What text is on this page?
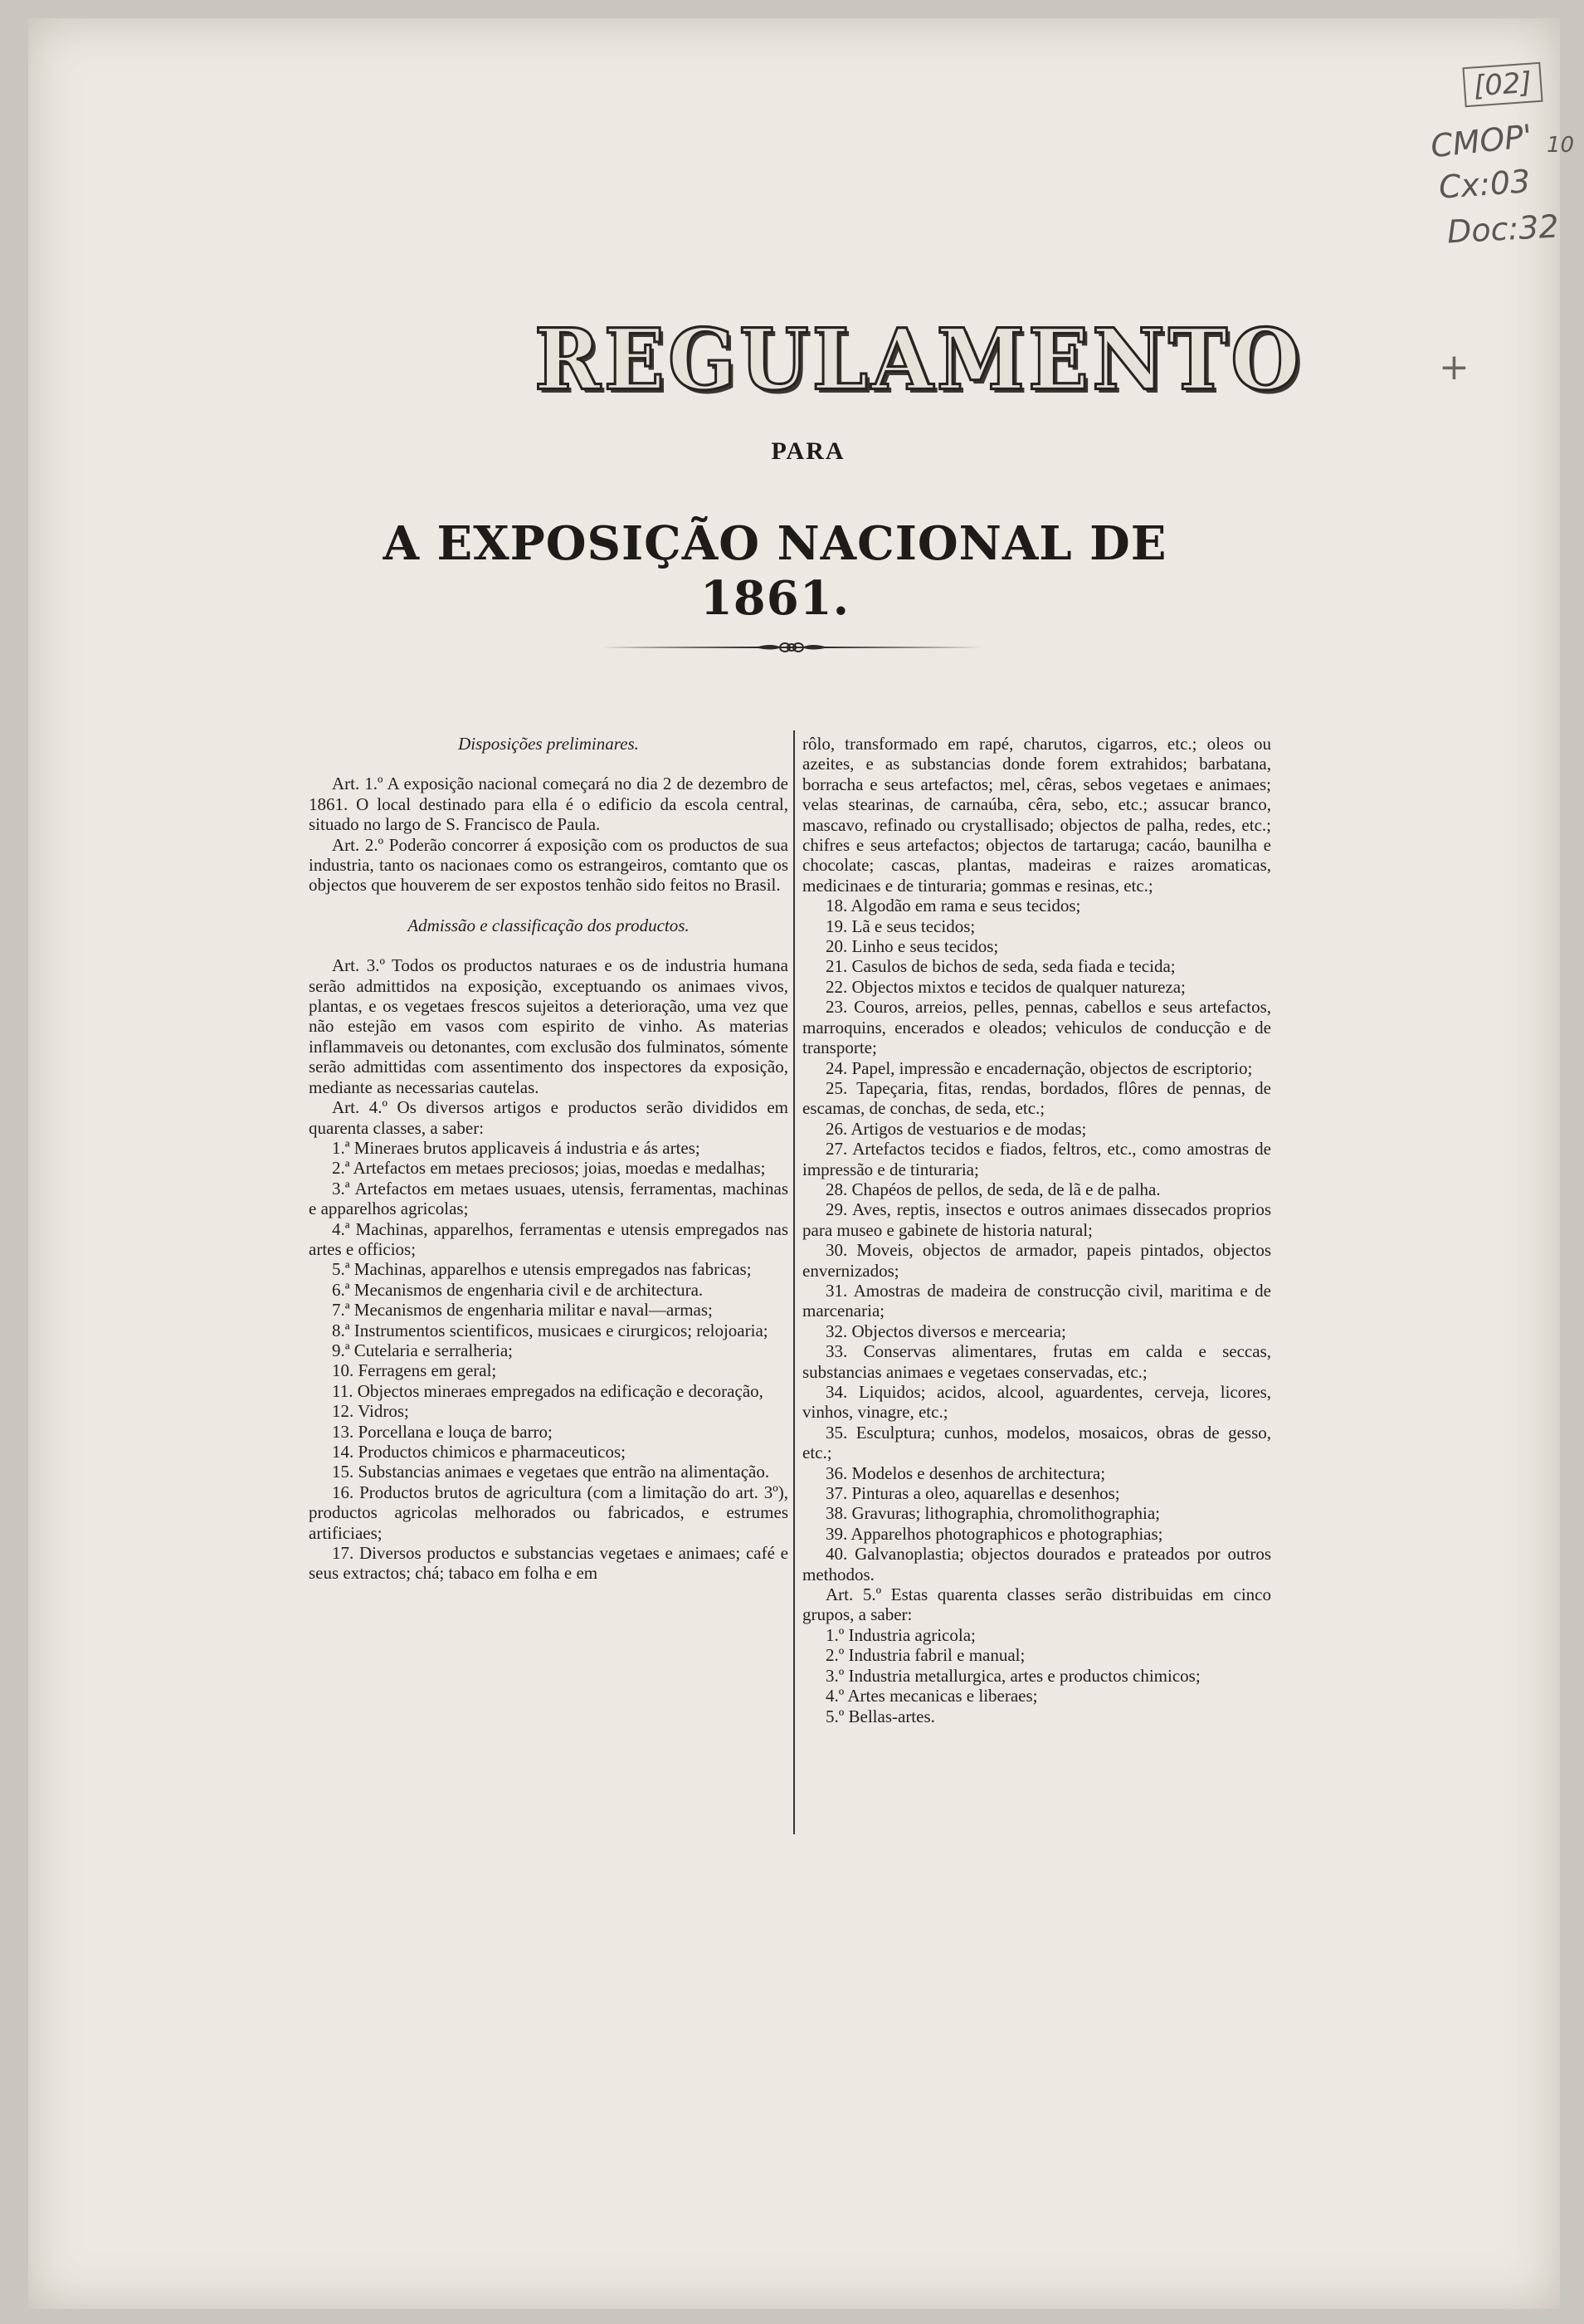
[02]
CMOP' 10
Cx:03
Doc:32
+
REGULAMENTO
PARA
A EXPOSIÇÃO NACIONAL DE 1861.

Disposições preliminares.

Art. 1.º A exposição nacional começará no dia 2 de dezembro de 1861. O local destinado para ella é o edificio da escola central, situado no largo de S. Francisco de Paula.

Art. 2.º Poderão concorrer á exposição com os productos de sua industria, tanto os nacionaes como os estrangeiros, comtanto que os objectos que houverem de ser expostos tenhão sido feitos no Brasil.

Admissão e classificação dos productos.

Art. 3.º Todos os productos naturaes e os de industria humana serão admittidos na exposição, exceptuando os animaes vivos, plantas, e os vegetaes frescos sujeitos a deterioração, uma vez que não estejão em vasos com espirito de vinho. As materias inflammaveis ou detonantes, com exclusão dos fulminatos, sómente serão admittidas com assentimento dos inspectores da exposição, mediante as necessarias cautelas.

Art. 4.º Os diversos artigos e productos serão divididos em quarenta classes, a saber:

1.ª Mineraes brutos applicaveis á industria e ás artes;

2.ª Artefactos em metaes preciosos; joias, moedas e medalhas;

3.ª Artefactos em metaes usuaes, utensis, ferramentas, machinas e apparelhos agricolas;

4.ª Machinas, apparelhos, ferramentas e utensis empregados nas artes e officios;

5.ª Machinas, apparelhos e utensis empregados nas fabricas;

6.ª Mecanismos de engenharia civil e de architectura.

7.ª Mecanismos de engenharia militar e naval—armas;

8.ª Instrumentos scientificos, musicaes e cirurgicos; relojoaria;

9.ª Cutelaria e serralheria;

10. Ferragens em geral;

11. Objectos mineraes empregados na edificação e decoração,

12. Vidros;

13. Porcellana e louça de barro;

14. Productos chimicos e pharmaceuticos;

15. Substancias animaes e vegetaes que entrão na alimentação.

16. Productos brutos de agricultura (com a limitação do art. 3º), productos agricolas melhorados ou fabricados, e estrumes artificiaes;

17. Diversos productos e substancias vegetaes e animaes; café e seus extractos; chá; tabaco em folha e em

rôlo, transformado em rapé, charutos, cigarros, etc.; oleos ou azeites, e as substancias donde forem extrahidos; barbatana, borracha e seus artefactos; mel, cêras, sebos vegetaes e animaes; velas stearinas, de carnaúba, cêra, sebo, etc.; assucar branco, mascavo, refinado ou crystallisado; objectos de palha, redes, etc.; chifres e seus artefactos; objectos de tartaruga; cacáo, baunilha e chocolate; cascas, plantas, madeiras e raizes aromaticas, medicinaes e de tinturaria; gommas e resinas, etc.;

18. Algodão em rama e seus tecidos;

19. Lã e seus tecidos;

20. Linho e seus tecidos;

21. Casulos de bichos de seda, seda fiada e tecida;

22. Objectos mixtos e tecidos de qualquer natureza;

23. Couros, arreios, pelles, pennas, cabellos e seus artefactos, marroquins, encerados e oleados; vehiculos de conducção e de transporte;

24. Papel, impressão e encadernação, objectos de escriptorio;

25. Tapeçaria, fitas, rendas, bordados, flôres de pennas, de escamas, de conchas, de seda, etc.;

26. Artigos de vestuarios e de modas;

27. Artefactos tecidos e fiados, feltros, etc., como amostras de impressão e de tinturaria;

28. Chapéos de pellos, de seda, de lã e de palha.

29. Aves, reptis, insectos e outros animaes dissecados proprios para museo e gabinete de historia natural;

30. Moveis, objectos de armador, papeis pintados, objectos envernizados;

31. Amostras de madeira de construcção civil, maritima e de marcenaria;

32. Objectos diversos e mercearia;

33. Conservas alimentares, frutas em calda e seccas, substancias animaes e vegetaes conservadas, etc.;

34. Liquidos; acidos, alcool, aguardentes, cerveja, licores, vinhos, vinagre, etc.;

35. Esculptura; cunhos, modelos, mosaicos, obras de gesso, etc.;

36. Modelos e desenhos de architectura;

37. Pinturas a oleo, aquarellas e desenhos;

38. Gravuras; lithographia, chromolithographia;

39. Apparelhos photographicos e photographias;

40. Galvanoplastia; objectos dourados e prateados por outros methodos.

Art. 5.º Estas quarenta classes serão distribuidas em cinco grupos, a saber:

1.º Industria agricola;

2.º Industria fabril e manual;

3.º Industria metallurgica, artes e productos chimicos;

4.º Artes mecanicas e liberaes;

5.º Bellas-artes.
